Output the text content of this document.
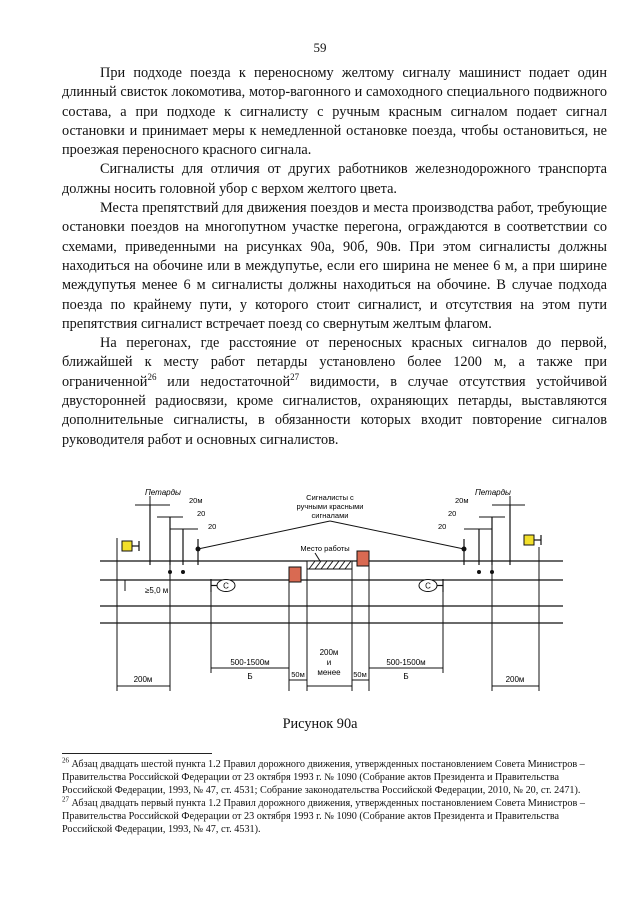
59

При подходе поезда к переносному желтому сигналу машинист подает один длинный свисток локомотива, мотор-вагонного и самоходного специального подвижного состава, а при подходе к сигналисту с ручным красным сигналом подает сигнал остановки и принимает меры к немедленной остановке поезда, чтобы остановиться, не проезжая переносного красного сигнала.

Сигналисты для отличия от других работников железнодорожного транспорта должны носить головной убор с верхом желтого цвета.

Места препятствий для движения поездов и места производства работ, требующие остановки поездов на многопутном участке перегона, ограждаются в соответствии со схемами, приведенными на рисунках 90а, 90б, 90в. При этом сигналисты должны находиться на обочине или в междупутье, если его ширина не менее 6 м, а при ширине междупутья менее 6 м сигналисты должны находиться на обочине. В случае подхода поезда по крайнему пути, у которого стоит сигналист, и отсутствия на этом пути препятствия сигналист встречает поезд со свернутым желтым флагом.

На перегонах, где расстояние от переносных красных сигналов до первой, ближайшей к месту работ петарды установлено более 1200 м, а также при ограниченной$^{26}$ или недостаточной$^{27}$ видимости, в случае отсутствия устойчивой двусторонней радиосвязи, кроме сигналистов, охраняющих петарды, выставляются дополнительные сигналисты, в обязанности которых входит повторение сигналов руководителя работ и основных сигналистов.

Петарды	Петарды
20м
20
20
20м
20
20
Сигналисты с
ручными красными
сигналами
Место работы
С	С
≥5,0 м
200м
500-1500м
Б	50м
200м
и
менее 50м
500-1500м
Б	200м
Рисунок 90а

$^{26}$ Абзац двадцать шестой пункта 1.2 Правил дорожного движения, утвержденных постановлением Совета Министров – Правительства Российской Федерации от 23 октября 1993 г. № 1090 (Собрание актов Президента и Правительства Российской Федерации, 1993, № 47, ст. 4531; Собрание законодательства Российской Федерации, 2010, № 20, ст. 2471).

$^{27}$ Абзац двадцать первый пункта 1.2 Правил дорожного движения, утвержденных постановлением Совета Министров – Правительства Российской Федерации от 23 октября 1993 г. № 1090 (Собрание актов Президента и Правительства Российской Федерации, 1993, № 47, ст. 4531).
